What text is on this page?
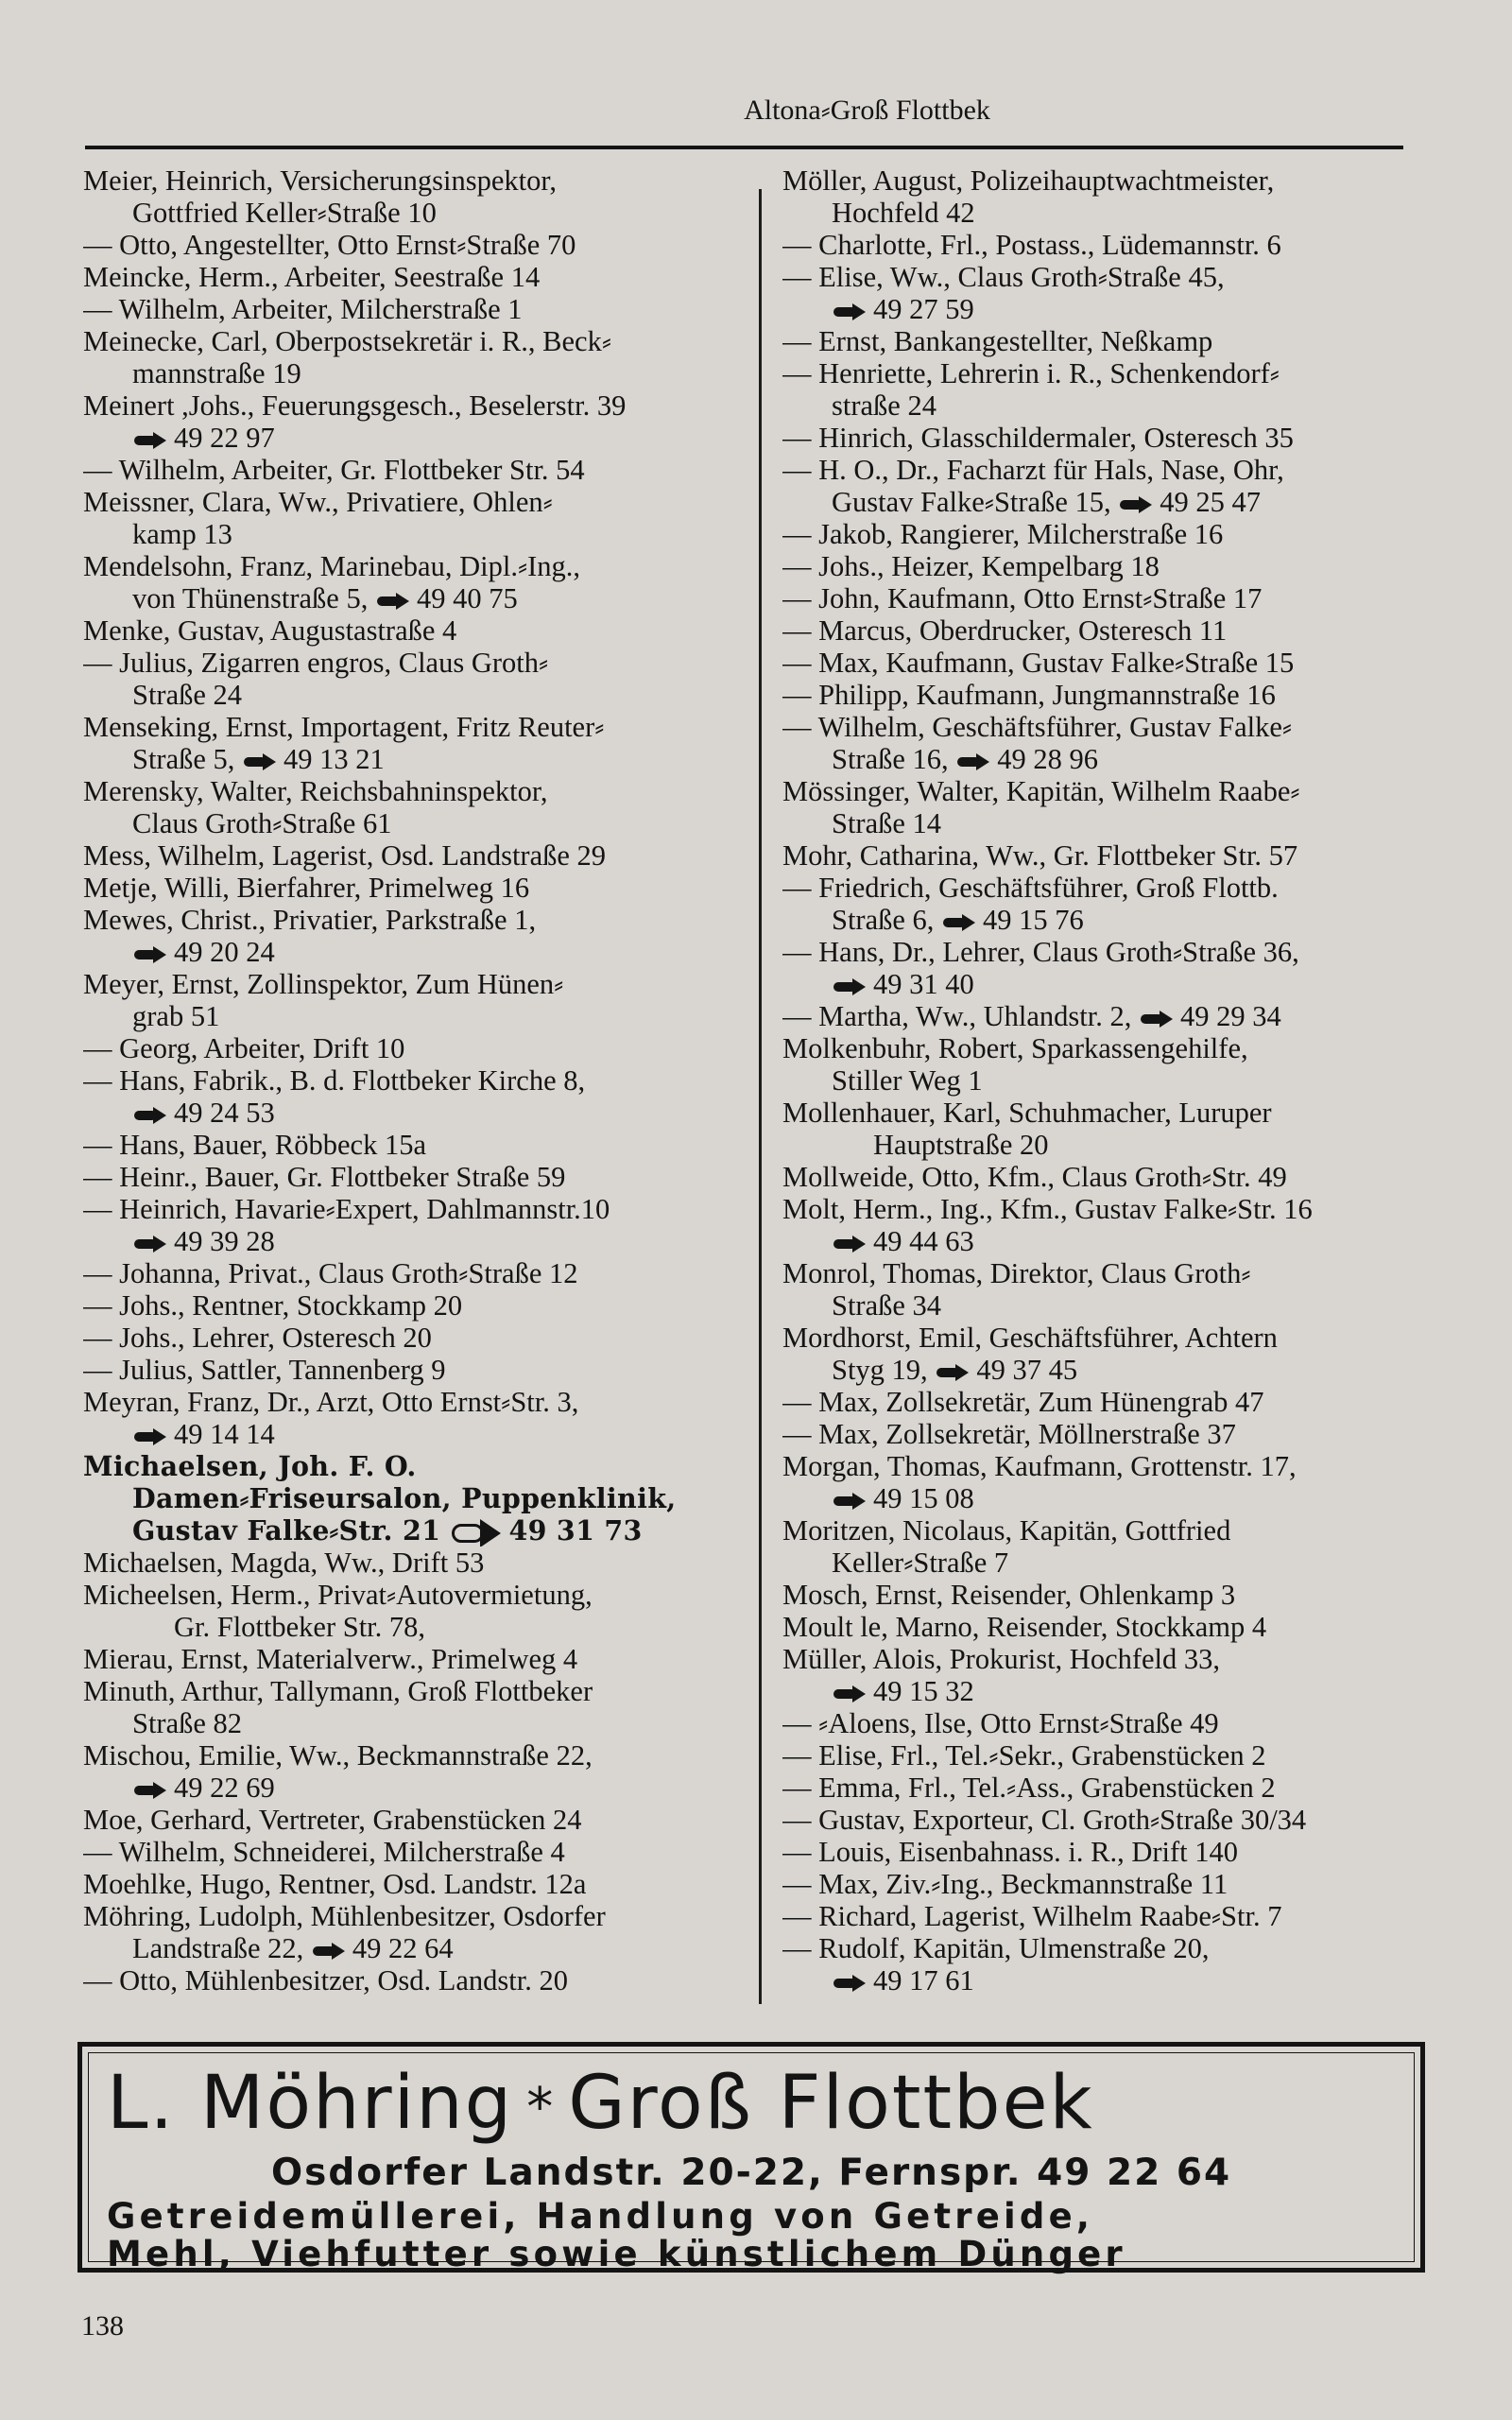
Altona⸗Groß Flottbek
Meier, Heinrich, Versicherungsinspektor,
Gottfried Keller⸗Straße 10
— Otto, Angestellter, Otto Ernst⸗Straße 70
Meincke, Herm., Arbeiter, Seestraße 14
— Wilhelm, Arbeiter, Milcherstraße 1
Meinecke, Carl, Oberpostsekretär i. R., Beck⸗
mannstraße 19
Meinert ,Johs., Feuerungsgesch., Beselerstr. 39
49 22 97
— Wilhelm, Arbeiter, Gr. Flottbeker Str. 54
Meissner, Clara, Ww., Privatiere, Ohlen⸗
kamp 13
Mendelsohn, Franz, Marinebau, Dipl.⸗Ing.,
von Thünenstraße 5, 49 40 75
Menke, Gustav, Augustastraße 4
— Julius, Zigarren engros, Claus Groth⸗
Straße 24
Menseking, Ernst, Importagent, Fritz Reuter⸗
Straße 5, 49 13 21
Merensky, Walter, Reichsbahninspektor,
Claus Groth⸗Straße 61
Mess, Wilhelm, Lagerist, Osd. Landstraße 29
Metje, Willi, Bierfahrer, Primelweg 16
Mewes, Christ., Privatier, Parkstraße 1,
49 20 24
Meyer, Ernst, Zollinspektor, Zum Hünen⸗
grab 51
— Georg, Arbeiter, Drift 10
— Hans, Fabrik., B. d. Flottbeker Kirche 8,
49 24 53
— Hans, Bauer, Röbbeck 15a
— Heinr., Bauer, Gr. Flottbeker Straße 59
— Heinrich, Havarie⸗Expert, Dahlmannstr.10
49 39 28
— Johanna, Privat., Claus Groth⸗Straße 12
— Johs., Rentner, Stockkamp 20
— Johs., Lehrer, Osteresch 20
— Julius, Sattler, Tannenberg 9
Meyran, Franz, Dr., Arzt, Otto Ernst⸗Str. 3,
49 14 14
Michaelsen, Joh. F. O.
Damen⸗Friseursalon, Puppenklinik,
Gustav Falke⸗Str. 21	49 31 73
Michaelsen, Magda, Ww., Drift 53
Micheelsen, Herm., Privat⸗Autovermietung,
Gr. Flottbeker Str. 78,
Mierau, Ernst, Materialverw., Primelweg 4
Minuth, Arthur, Tallymann, Groß Flottbeker
Straße 82
Mischou, Emilie, Ww., Beckmannstraße 22,
49 22 69
Moe, Gerhard, Vertreter, Grabenstücken 24
— Wilhelm, Schneiderei, Milcherstraße 4
Moehlke, Hugo, Rentner, Osd. Landstr. 12a
Möhring, Ludolph, Mühlenbesitzer, Osdorfer
Landstraße 22, 49 22 64
— Otto, Mühlenbesitzer, Osd. Landstr. 20
Möller, August, Polizeihauptwachtmeister,
Hochfeld 42
— Charlotte, Frl., Postass., Lüdemannstr. 6
— Elise, Ww., Claus Groth⸗Straße 45,
49 27 59
— Ernst, Bankangestellter, Neßkamp
— Henriette, Lehrerin i. R., Schenkendorf⸗
straße 24
— Hinrich, Glasschildermaler, Osteresch 35
— H. O., Dr., Facharzt für Hals, Nase, Ohr,
Gustav Falke⸗Straße 15, 49 25 47
— Jakob, Rangierer, Milcherstraße 16
— Johs., Heizer, Kempelbarg 18
— John, Kaufmann, Otto Ernst⸗Straße 17
— Marcus, Oberdrucker, Osteresch 11
— Max, Kaufmann, Gustav Falke⸗Straße 15
— Philipp, Kaufmann, Jungmannstraße 16
— Wilhelm, Geschäftsführer, Gustav Falke⸗
Straße 16, 49 28 96
Mössinger, Walter, Kapitän, Wilhelm Raabe⸗
Straße 14
Mohr, Catharina, Ww., Gr. Flottbeker Str. 57
— Friedrich, Geschäftsführer, Groß Flottb.
Straße 6, 49 15 76
— Hans, Dr., Lehrer, Claus Groth⸗Straße 36,
49 31 40
— Martha, Ww., Uhlandstr. 2, 49 29 34
Molkenbuhr, Robert, Sparkassengehilfe,
Stiller Weg 1
Mollenhauer, Karl, Schuhmacher, Luruper
Hauptstraße 20
Mollweide, Otto, Kfm., Claus Groth⸗Str. 49
Molt, Herm., Ing., Kfm., Gustav Falke⸗Str. 16
49 44 63
Monrol, Thomas, Direktor, Claus Groth⸗
Straße 34
Mordhorst, Emil, Geschäftsführer, Achtern
Styg 19, 49 37 45
— Max, Zollsekretär, Zum Hünengrab 47
— Max, Zollsekretär, Möllnerstraße 37
Morgan, Thomas, Kaufmann, Grottenstr. 17,
49 15 08
Moritzen, Nicolaus, Kapitän, Gottfried
Keller⸗Straße 7
Mosch, Ernst, Reisender, Ohlenkamp 3
Moult le, Marno, Reisender, Stockkamp 4
Müller, Alois, Prokurist, Hochfeld 33,
49 15 32
— ⸗Aloens, Ilse, Otto Ernst⸗Straße 49
— Elise, Frl., Tel.⸗Sekr., Grabenstücken 2
— Emma, Frl., Tel.⸗Ass., Grabenstücken 2
— Gustav, Exporteur, Cl. Groth⸗Straße 30/34
— Louis, Eisenbahnass. i. R., Drift 140
— Max, Ziv.⸗Ing., Beckmannstraße 11
— Richard, Lagerist, Wilhelm Raabe⸗Str. 7
— Rudolf, Kapitän, Ulmenstraße 20,
49 17 61
L. Möhring * Groß Flottbek
Osdorfer Landstr. 20-22, Fernspr. 49 22 64
Getreidemüllerei, Handlung von Getreide,
Mehl, Viehfutter sowie künstlichem Dünger
138
